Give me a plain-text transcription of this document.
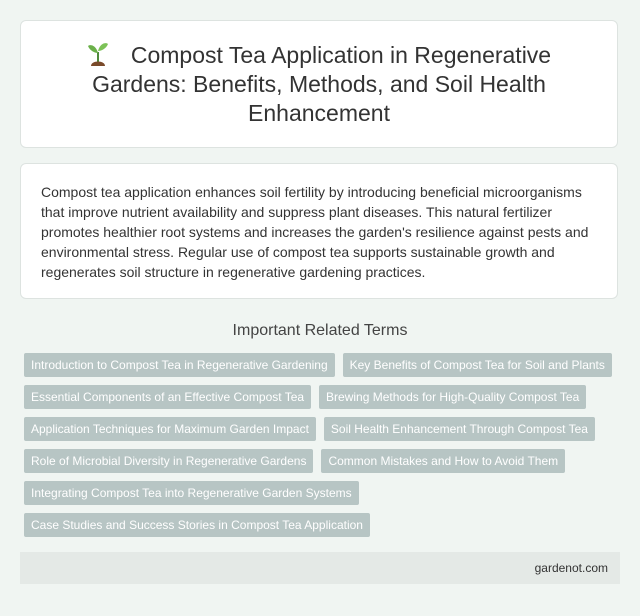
Compost Tea Application in Regenerative Gardens: Benefits, Methods, and Soil Health Enhancement

Compost tea application enhances soil fertility by introducing beneficial microorganisms that improve nutrient availability and suppress plant diseases. This natural fertilizer promotes healthier root systems and increases the garden's resilience against pests and environmental stress. Regular use of compost tea supports sustainable growth and regenerates soil structure in regenerative gardening practices.

Important Related Terms
Introduction to Compost Tea in Regenerative Gardening	Key Benefits of Compost Tea for Soil and Plants
Essential Components of an Effective Compost Tea	Brewing Methods for High-Quality Compost Tea
Application Techniques for Maximum Garden Impact	Soil Health Enhancement Through Compost Tea
Role of Microbial Diversity in Regenerative Gardens	Common Mistakes and How to Avoid Them
Integrating Compost Tea into Regenerative Garden Systems
Case Studies and Success Stories in Compost Tea Application
gardenot.com
